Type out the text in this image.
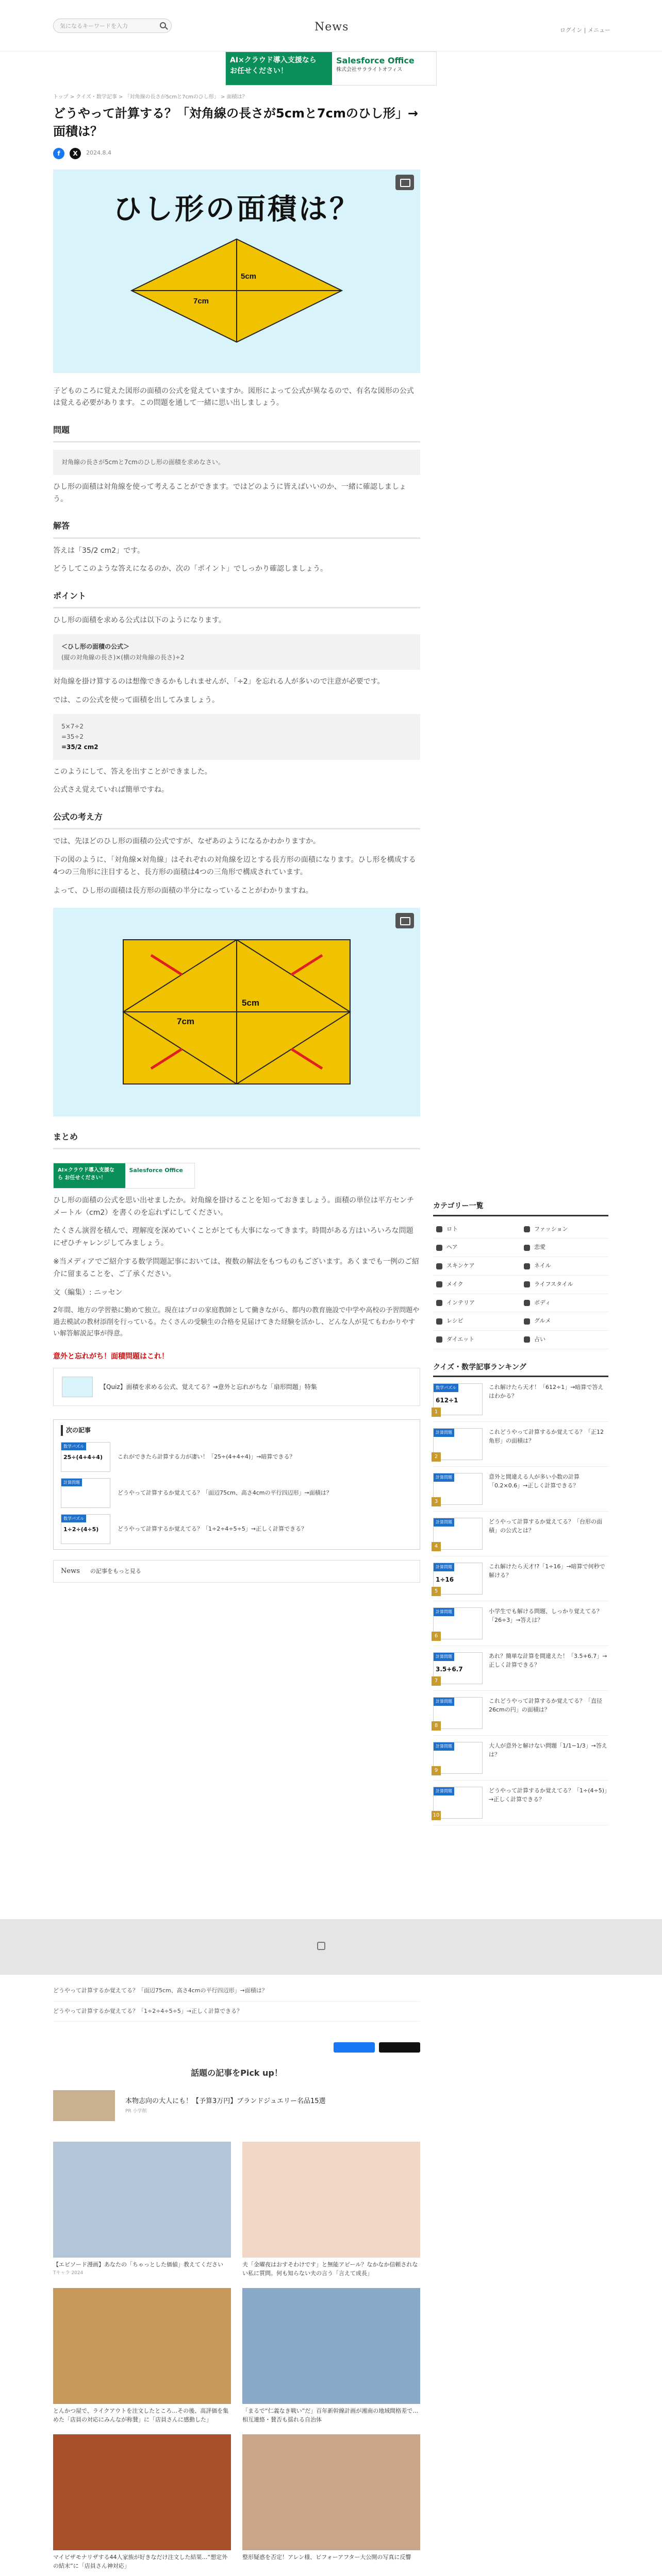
気になるキーワードを入力	News	ログイン | メニュー
AI×クラウド導入支援なら お任せください！
Salesforce Office
株式会社サラライトオフィス
トップ > クイズ・数学記事 > 「対角線の長さが5cmと7cmのひし形」 > 面積は？
どうやって計算する？「対角線の長さが5cmと7cmのひし形」→面積は？
f	X	2024.8.4
ひし形の面積は？
5cm
7cm

子どものころに覚えた図形の面積の公式を覚えていますか。図形によって公式が異なるので、有名な図形の公式は覚える必要があります。この問題を通して一緒に思い出しましょう。

問題
対角線の長さが5cmと7cmのひし形の面積を求めなさい。

ひし形の面積は対角線を使って考えることができます。ではどのように皆えばいいのか、一緒に確認しましょう。

解答

答えは「35/2 cm2」です。

どうしてこのような答えになるのか、次の「ポイント」でしっかり確認しましょう。

ポイント

ひし形の面積を求める公式は以下のようになります。

＜ひし形の面積の公式＞
(縦の対角線の長さ)×(横の対角線の長さ)÷2

対角線を掛け算するのは想像できるかもしれませんが、「÷2」を忘れる人が多いので注意が必要です。

では、この公式を使って面積を出してみましょう。

5×7÷2
=35÷2
=35/2 cm2

このようにして、答えを出すことができました。

公式さえ覚えていれば簡単ですね。

公式の考え方

では、先ほどのひし形の面積の公式ですが、なぜあのようになるかわかりますか。

下の図のように、「対角線×対角線」はそれぞれの対角線を辺とする長方形の面積になります。ひし形を構成する4つの三角形に注目すると、長方形の面積は4つの三角形で構成されています。

よって、ひし形の面積は長方形の面積の半分になっていることがわかりますね。

5cm
7cm
まとめ
AI×クラウド導入支援なら お任せください！
Salesforce Office

ひし形の面積の公式を思い出せましたか。対角線を掛けることを知っておきましょう。面積の単位は平方センチメートル（cm2）を書くのを忘れずにしてください。

たくさん演習を積んで、理解度を深めていくことがとても大事になってきます。時間がある方はいろいろな問題にぜひチャレンジしてみましょう。

※当メディアでご紹介する数学問題記事においては、複数の解法をもつものもございます。あくまでも一例のご紹介に留まることを、ご了承ください。

文（編集）: ニッセン

2年間、地方の学習塾に勤めて独立。現在はプロの家庭教師として働きながら、都内の教育施設で中学や高校の予習問題や過去模試の教材添削を行っている。たくさんの受験生の合格を見届けてきた経験を活かし、どんな人が見てもわかりやすい解答解説記事が得意。

意外と忘れがち！面積問題はこれ！
【Quiz】面積を求める公式、覚えてる？→意外と忘れがちな「扇形問題」特集
次の記事
数学パズル
25÷(4+4÷4)	これができたら計算する力が凄い！「25÷(4+4÷4)」→暗算できる？
計算問題
どうやって計算するか覚えてる？「面辺75cm、高さ4cmの平行四辺形」→面積は？
数学パズル
1÷2÷(4÷5)	どうやって計算するか覚えてる？「1÷2÷4÷5÷5」→正しく計算できる？
News の記事をもっと見る
どうやって計算するか覚えてる？「面辺75cm、高さ4cmの平行四辺形」→面積は？
どうやって計算するか覚えてる？「1÷2÷4÷5÷5」→正しく計算できる？
話題の記事をPick up！
本物志向の大人にも！【予算3万円】ブランドジュエリー名品15選
PR 小学館
【エピソード漫画】あなたの「ちゃっとした価値」教えてください
Tキャラ 2024
夫「金曜夜はおすそわけです」と無能アピール？なかなか信頼されない私に質問。何も知らない夫の言う「言えて成長」
とんかつ屋で、ライクアウトを注文したところ…その後、高評価を集めた「店員の対応にみんなが称賛」に「店員さんに感動した」
「まるで“仁義なき戦い”だ」百年新幹線計画が湘南の地域間格差で…相互連絡・賛否も揺れる自治体
マイピザモナリザする44人家族が好きなだけ注文した結果…“想定外の結末”に「店員さん神対応」
整形疑惑を否定！アレン様、ビフォーアフター大公開の写真に反響
カテゴリー一覧
ロト	ファッション
ヘア	恋愛
スキンケア	ネイル
メイク	ライフスタイル
インテリア	ボディ
レシピ	グルメ
ダイエット	占い
クイズ・数学記事ランキング
数学パズル
612÷1
1
これ解けたら天才！「612÷1」→暗算で答えはわかる？
計算問題
2
これどうやって計算するか覚えてる？「正12角形」の面積は？
計算問題
3
意外と間違える人が多い小数の計算「0.2×0.6」→正しく計算できる？
計算問題
4
どうやって計算するか覚えてる？「台形の面積」の公式とは？
計算問題
1÷16
5
これ解けたら天才!?「1÷16」→暗算で何秒で解ける？
計算問題
6
小学生でも解ける問題、しっかり覚えてる？「26÷3」→答えは？
計算問題
3.5+6.7
7
あれ？簡単な計算を間違えた！「3.5+6.7」→正しく計算できる？
計算問題
8
これどうやって計算するか覚えてる？「直径26cmの円」の面積は？
計算問題
9
大人が意外と解けない問題「1/1−1/3」→答えは？
計算問題
10
どうやって計算するか覚えてる？「1÷(4÷5)」→正しく計算できる？
